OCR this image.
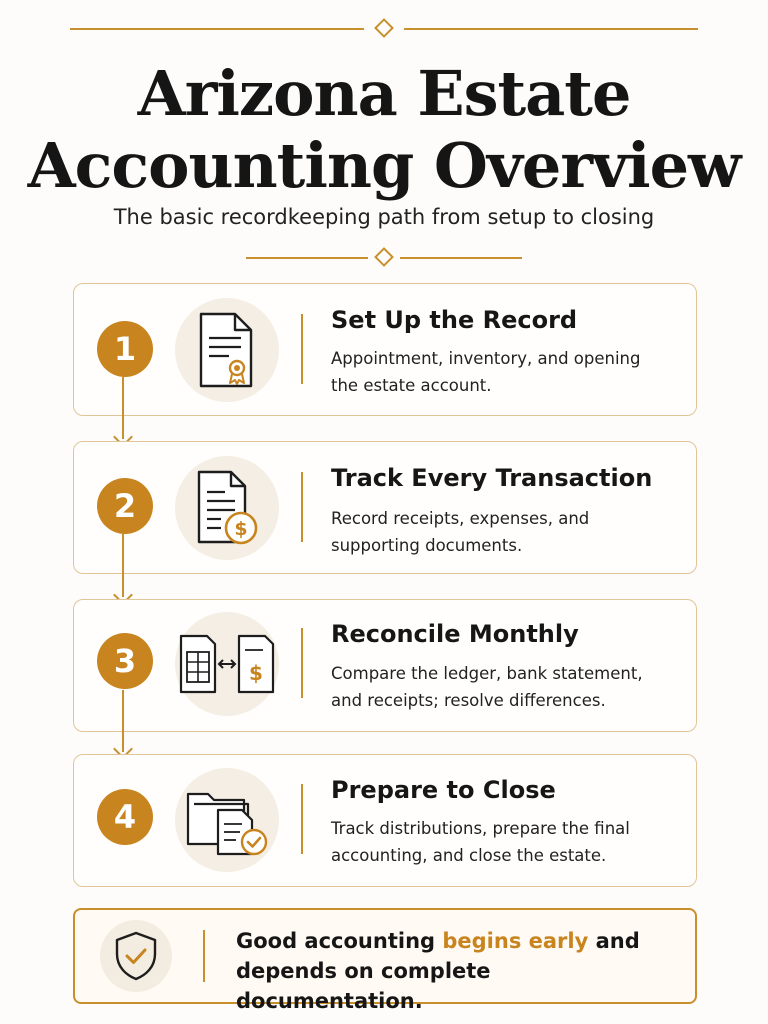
Arizona Estate
Accounting Overview

The basic recordkeeping path from setup to closing

1
Set Up the Record
Appointment, inventory, and opening the estate account.
2
$
Track Every Transaction
Record receipts, expenses, and supporting documents.
3	$
Reconcile Monthly
Compare the ledger, bank statement, and receipts; resolve differences.
4
Prepare to Close
Track distributions, prepare the final accounting, and close the estate.

Good accounting begins early and depends on complete documentation.
